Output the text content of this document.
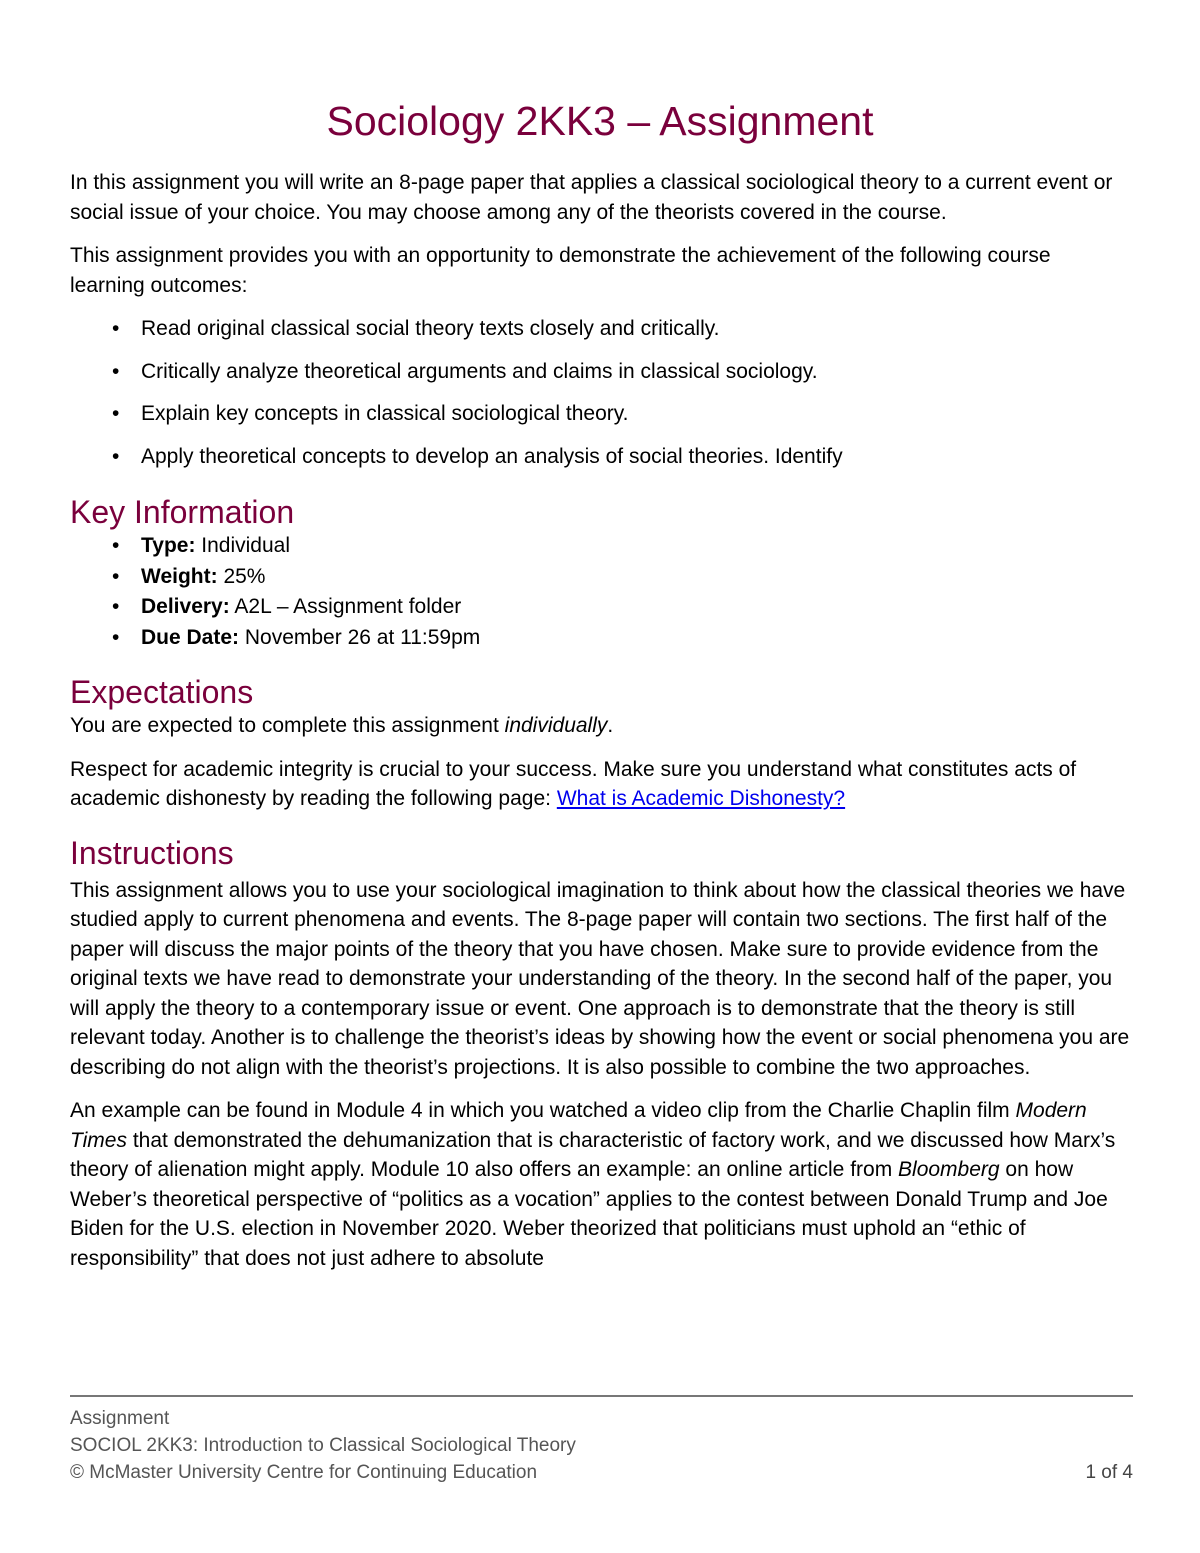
Sociology 2KK3 – Assignment

In this assignment you will write an 8-page paper that applies a classical sociological theory to a current event or social issue of your choice. You may choose among any of the theorists covered in the course.

This assignment provides you with an opportunity to demonstrate the achievement of the following course learning outcomes:

• Read original classical social theory texts closely and critically.
• Critically analyze theoretical arguments and claims in classical sociology.
• Explain key concepts in classical sociological theory.
• Apply theoretical concepts to develop an analysis of social theories. Identify
Key Information
• Type: Individual
• Weight: 25%
• Delivery: A2L – Assignment folder
• Due Date: November 26 at 11:59pm
Expectations

You are expected to complete this assignment individually.

Respect for academic integrity is crucial to your success. Make sure you understand what constitutes acts of academic dishonesty by reading the following page: What is Academic Dishonesty?

Instructions

This assignment allows you to use your sociological imagination to think about how the classical theories we have studied apply to current phenomena and events. The 8-page paper will contain two sections. The first half of the paper will discuss the major points of the theory that you have chosen. Make sure to provide evidence from the original texts we have read to demonstrate your understanding of the theory. In the second half of the paper, you will apply the theory to a contemporary issue or event. One approach is to demonstrate that the theory is still relevant today. Another is to challenge the theorist’s ideas by showing how the event or social phenomena you are describing do not align with the theorist’s projections. It is also possible to combine the two approaches.

An example can be found in Module 4 in which you watched a video clip from the Charlie Chaplin film Modern Times that demonstrated the dehumanization that is characteristic of factory work, and we discussed how Marx’s theory of alienation might apply. Module 10 also offers an example: an online article from Bloomberg on how Weber’s theoretical perspective of “politics as a vocation” applies to the contest between Donald Trump and Joe Biden for the U.S. election in November 2020. Weber theorized that politicians must uphold an “ethic of responsibility” that does not just adhere to absolute

Assignment
SOCIOL 2KK3: Introduction to Classical Sociological Theory
© McMaster University Centre for Continuing Education	1 of 4
